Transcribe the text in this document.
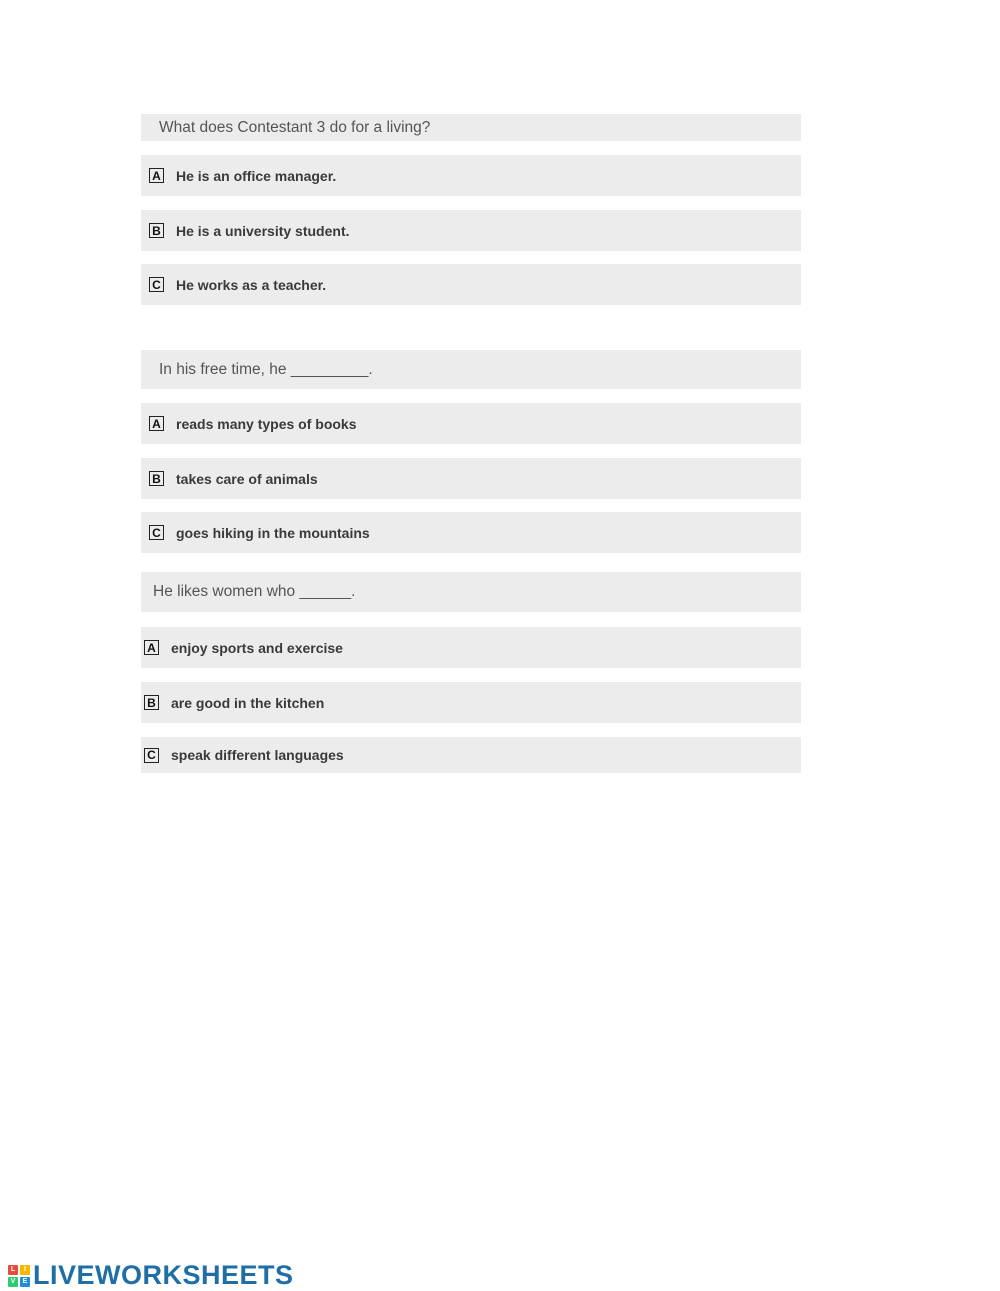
What does Contestant 3 do for a living?
A He is an office manager.
B He is a university student.
C He works as a teacher.
In his free time, he _________.
A reads many types of books
B takes care of animals
C goes hiking in the mountains
He likes women who ______.
A enjoy sports and exercise
B are good in the kitchen
C speak different languages
L	I
V	E LIVEWORKSHEETS
